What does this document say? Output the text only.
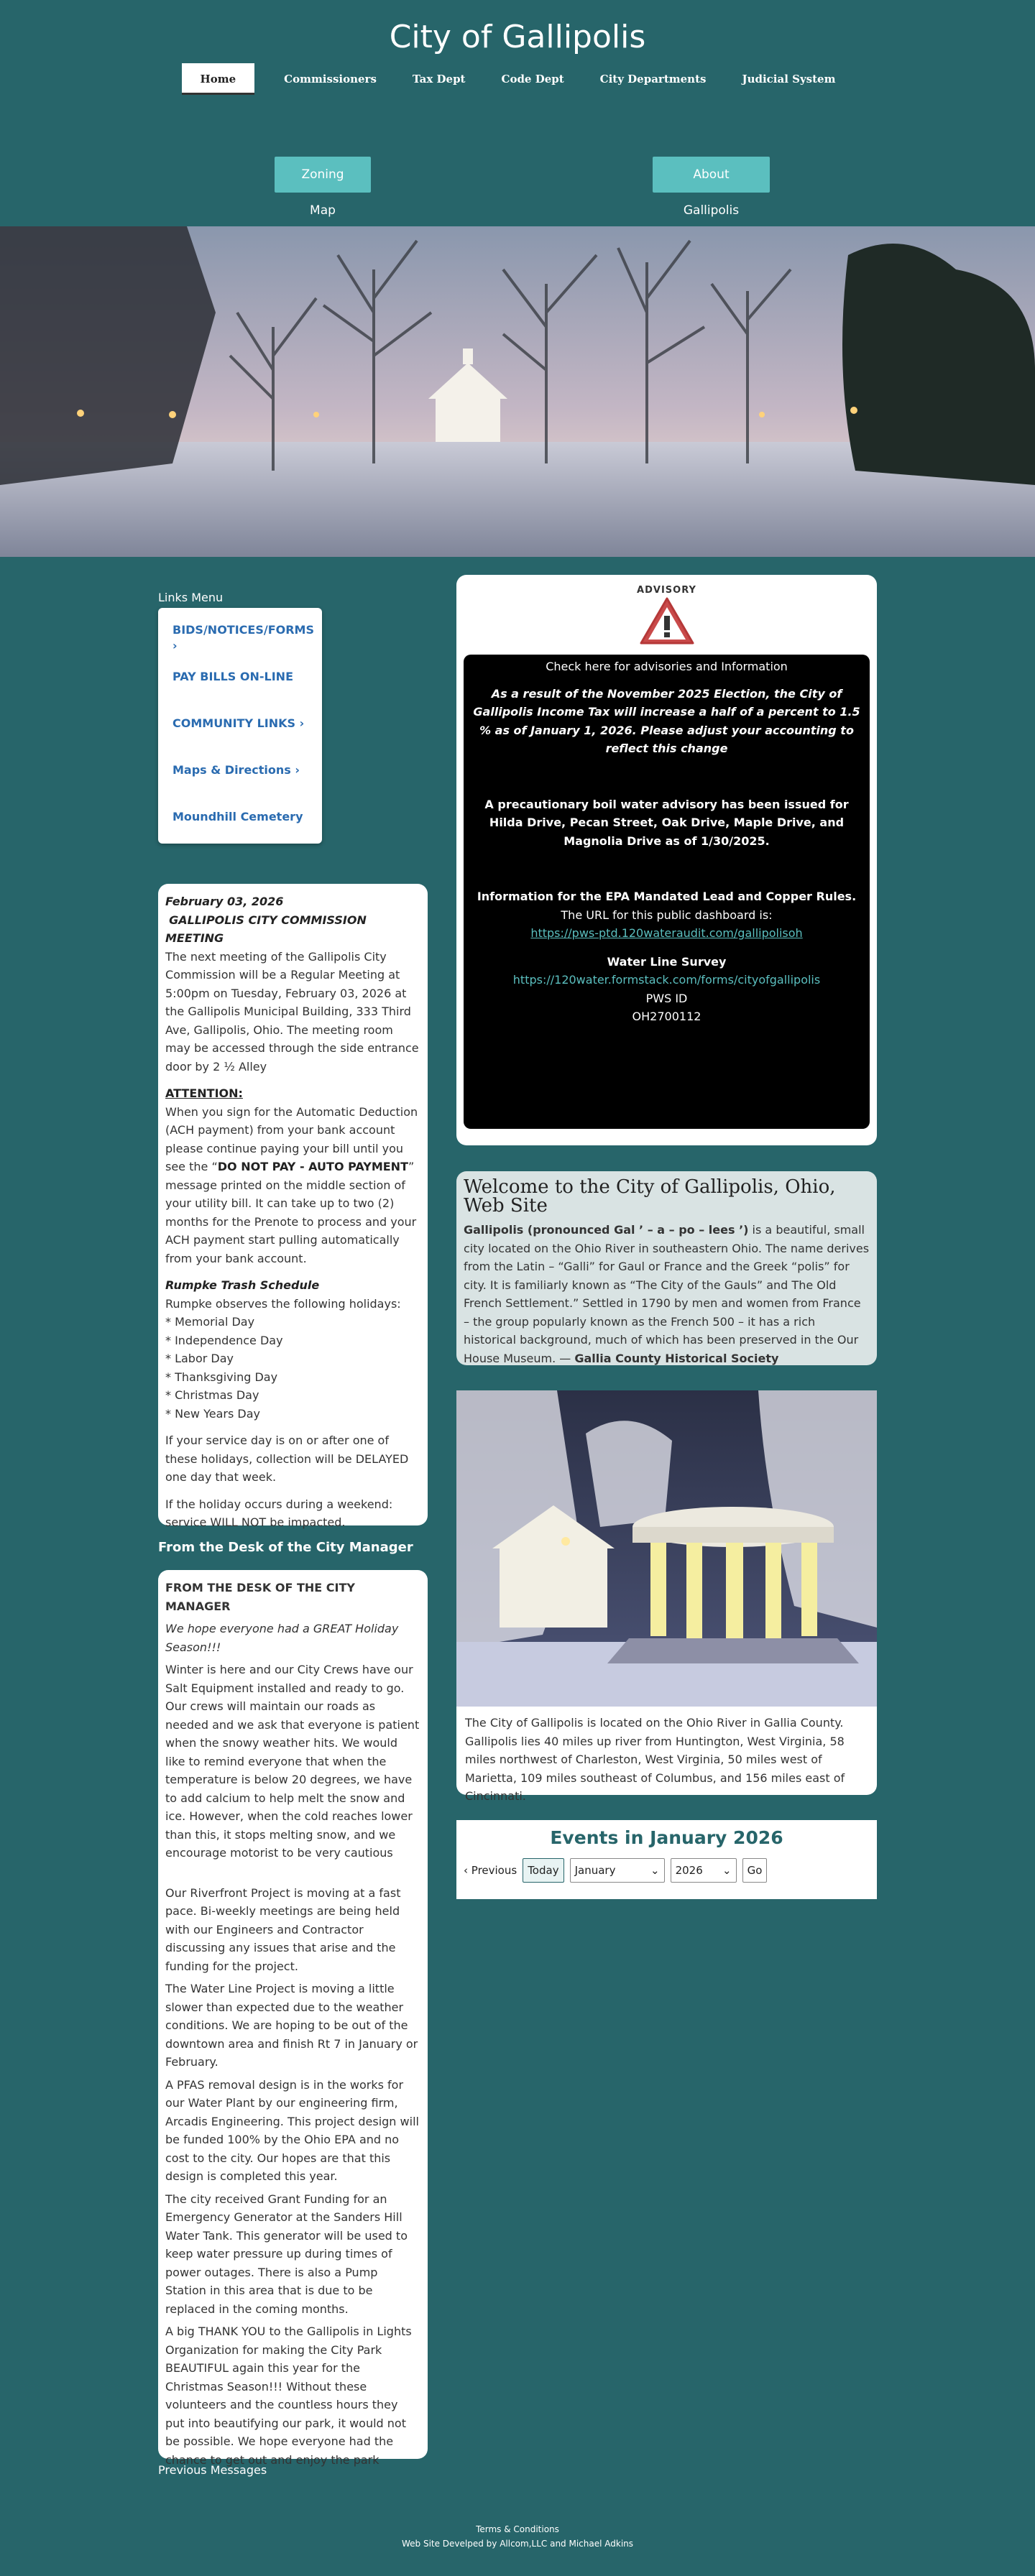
City of Gallipolis
Home	Commissioners	Tax Dept	Code Dept	City Departments	Judicial System
Zoning Map
About Gallipolis
Links Menu
BIDS/NOTICES/FORMS ›
PAY BILLS ON-LINE
COMMUNITY LINKS ›
Maps & Directions ›
Moundhill Cemetery
February 03, 2026
GALLIPOLIS CITY COMMISSION MEETING

The next meeting of the Gallipolis City Commission will be a Regular Meeting at 5:00pm on Tuesday, February 03, 2026 at the Gallipolis Municipal Building, 333 Third Ave, Gallipolis, Ohio. The meeting room may be accessed through the side entrance door by 2 ½ Alley

ATTENTION:

When you sign for the Automatic Deduction (ACH payment) from your bank account please continue paying your bill until you see the “DO NOT PAY - AUTO PAYMENT” message printed on the middle section of your utility bill. It can take up to two (2) months for the Prenote to process and your ACH payment start pulling automatically from your bank account.

Rumpke Trash Schedule
Rumpke observes the following holidays:
* Memorial Day
* Independence Day
* Labor Day
* Thanksgiving Day
* Christmas Day

* New Years Day

If your service day is on or after one of these holidays, collection will be DELAYED one day that week.

If the holiday occurs during a weekend: service WILL NOT be impacted.

From the Desk of the City Manager

FROM THE DESK OF THE CITY MANAGER

We hope everyone had a GREAT Holiday Season!!!

Winter is here and our City Crews have our Salt Equipment installed and ready to go. Our crews will maintain our roads as needed and we ask that everyone is patient when the snowy weather hits. We would like to remind everyone that when the temperature is below 20 degrees, we have to add calcium to help melt the snow and ice. However, when the cold reaches lower than this, it stops melting snow, and we encourage motorist to be very cautious

Our Riverfront Project is moving at a fast pace. Bi-weekly meetings are being held with our Engineers and Contractor discussing any issues that arise and the funding for the project.

The Water Line Project is moving a little slower than expected due to the weather conditions. We are hoping to be out of the downtown area and finish Rt 7 in January or February.

A PFAS removal design is in the works for our Water Plant by our engineering firm, Arcadis Engineering. This project design will be funded 100% by the Ohio EPA and no cost to the city. Our hopes are that this design is completed this year.

The city received Grant Funding for an Emergency Generator at the Sanders Hill Water Tank. This generator will be used to keep water pressure up during times of power outages. There is also a Pump Station in this area that is due to be replaced in the coming months.

A big THANK YOU to the Gallipolis in Lights Organization for making the City Park BEAUTIFUL again this year for the Christmas Season!!! Without these volunteers and the countless hours they put into beautifying our park, it would not be possible. We hope everyone had the chance to get out and enjoy the park

Previous Messages
ADVISORY
Check here for advisories and Information
As a result of the November 2025 Election, the City of Gallipolis Income Tax will increase a half of a percent to 1.5 % as of January 1, 2026. Please adjust your accounting to reflect this change
A precautionary boil water advisory has been issued for Hilda Drive, Pecan Street, Oak Drive, Maple Drive, and Magnolia Drive as of 1/30/2025.
Information for the EPA Mandated Lead and Copper Rules.
The URL for this public dashboard is:
https://pws-ptd.120wateraudit.com/gallipolisoh
Water Line Survey
https://120water.formstack.com/forms/cityofgallipolis
PWS ID
OH2700112
Welcome to the City of Gallipolis, Ohio, Web Site
Gallipolis (pronounced Gal ’ – a – po – lees ’) is a beautiful, small city located on the Ohio River in southeastern Ohio. The name derives from the Latin – “Galli” for Gaul or France and the Greek “polis” for city. It is familiarly known as “The City of the Gauls” and The Old French Settlement.” Settled in 1790 by men and women from France – the group popularly known as the French 500 – it has a rich historical background, much of which has been preserved in the Our House Museum. — Gallia County Historical Society
The City of Gallipolis is located on the Ohio River in Gallia County. Gallipolis lies 40 miles up river from Huntington, West Virginia, 58 miles northwest of Charleston, West Virginia, 50 miles west of Marietta, 109 miles southeast of Columbus, and 156 miles east of Cincinnati.
Events in January 2026
‹ Previous	Today	January	⌄	2026 ⌄	Go
Terms & Conditions
Web Site Develped by Allcom,LLC and Michael Adkins
